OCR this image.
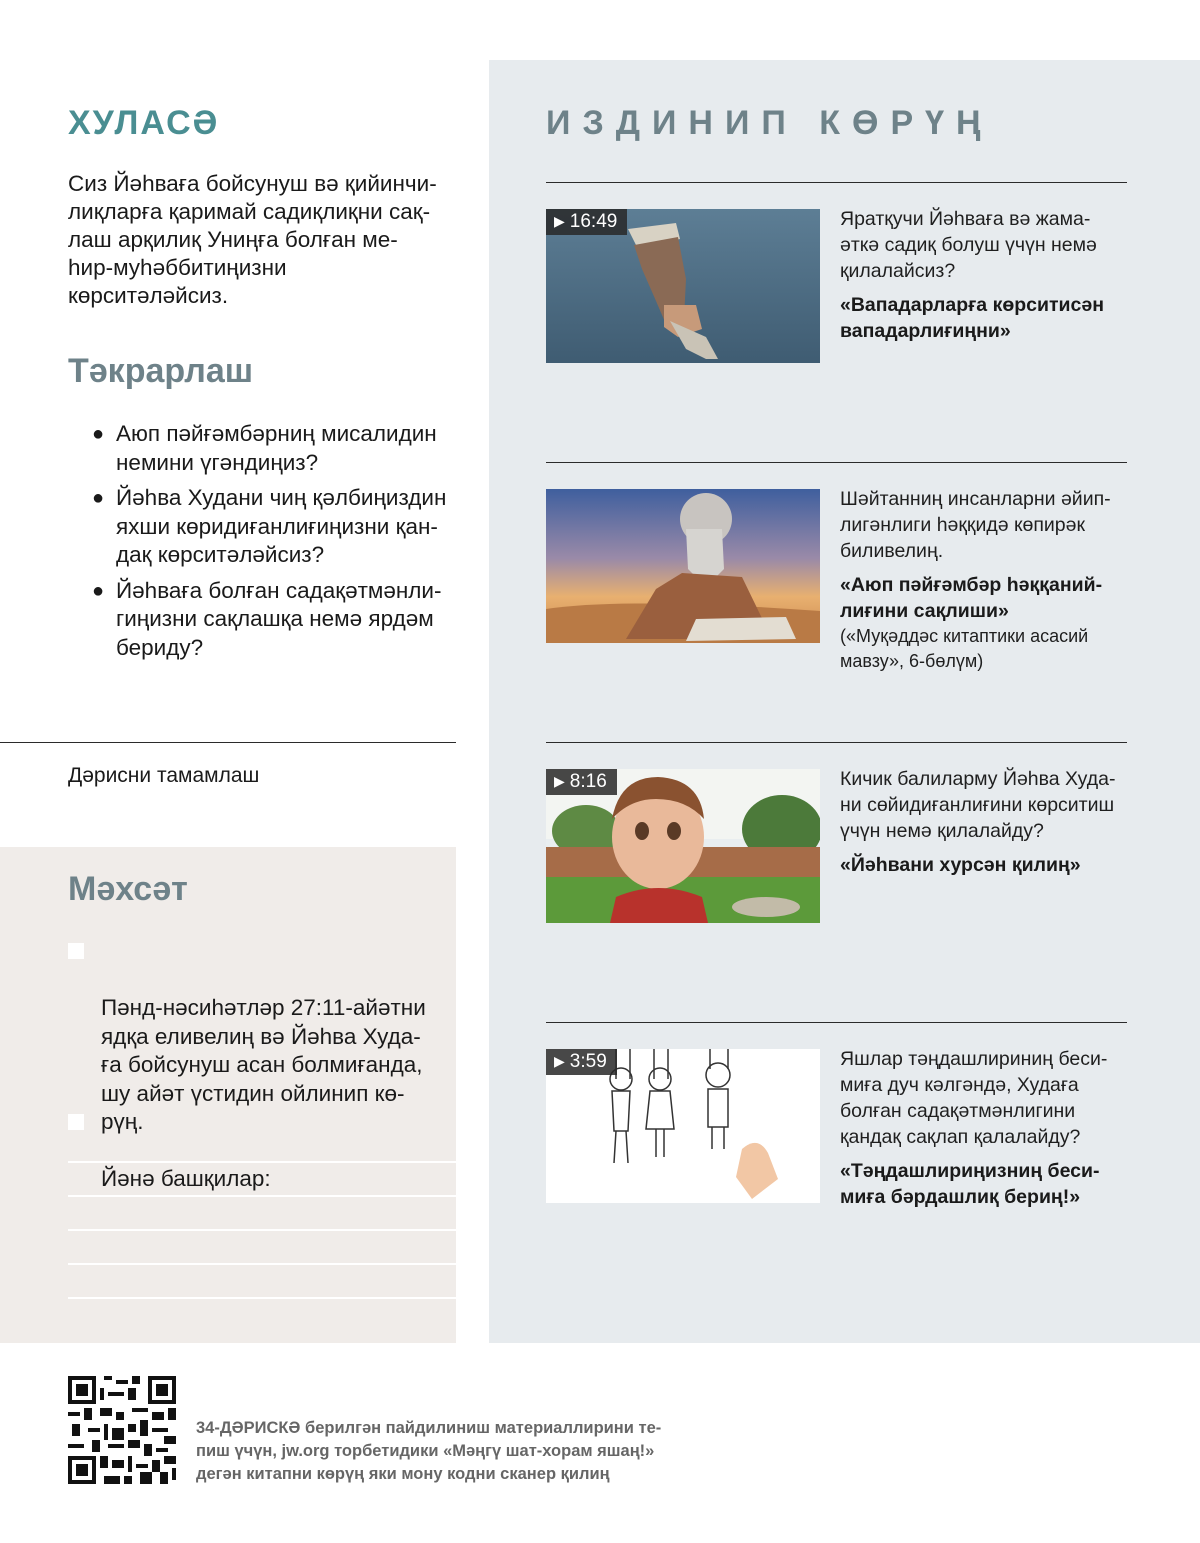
ХУЛАСӘ
Сиз Йәһваға бойсунуш вә қийинчи-
лиқларға қаримай садиқлиқни сақ-
лаш арқилиқ Униңға болған ме-
һир-муһәббитиңизни
көрситәләйсиз.
Тәкрарлаш
● Аюп пәйғәмбәрниң мисалидин
немини үгәндиңиз?
● Йәһва Худани чиң қәлбиңиздин
яхши көридиғанлиғиңизни қан-
дақ көрситәләйсиз?
● Йәһваға болған садақәтмәнли-
гиңизни сақлашқа немә ярдәм
бериду?
Дәрисни тамамлаш
Мәхсәт

Пәнд-нәсиһәтләр 27:11-айәтни
ядқа еливелиң вә Йәһва Худа-
ға бойсунуш асан болмиғанда,
шу айәт үстидин ойлинип кө-
рүң.

Йәнә башқилар:

ИЗДИНИП КӨРҮҢ
▶ 16:49	Яратқучи Йәһваға вә жама-
әткә садиқ болуш үчүн немә
қилалайсиз?
«Вападарларға көрситисән
вападарлиғиңни»
Шәйтанниң инсанларни әйип-
лигәнлиги һәққидә көпирәк
биливелиң.
«Аюп пәйғәмбәр һәққаний-
лиғини сақлиши»
(«Муқәддәс китаптики асасий
мавзу», 6-бөлүм)
▶ 8:16	Кичик балиларму Йәһва Худа-
ни сөйидиғанлиғини көрситиш
үчүн немә қилалайду?
«Йәһвани хурсән қилиң»
▶ 3:59	Яшлар тәңдашлириниң беси-
миға дуч кәлгәндә, Худаға
болған садақәтмәнлигини
қандақ сақлап қалалайду?
«Тәңдашлириңизниң беси-
миға бәрдашлиқ бериң!»
34-ДӘРИСКӘ берилгән пайдилиниш материаллирини те-
пиш үчүн, jw.org торбетидики «Мәңгү шат-хорам яшаң!»
дегән китапни көрүң яки мону кодни сканер қилиң
